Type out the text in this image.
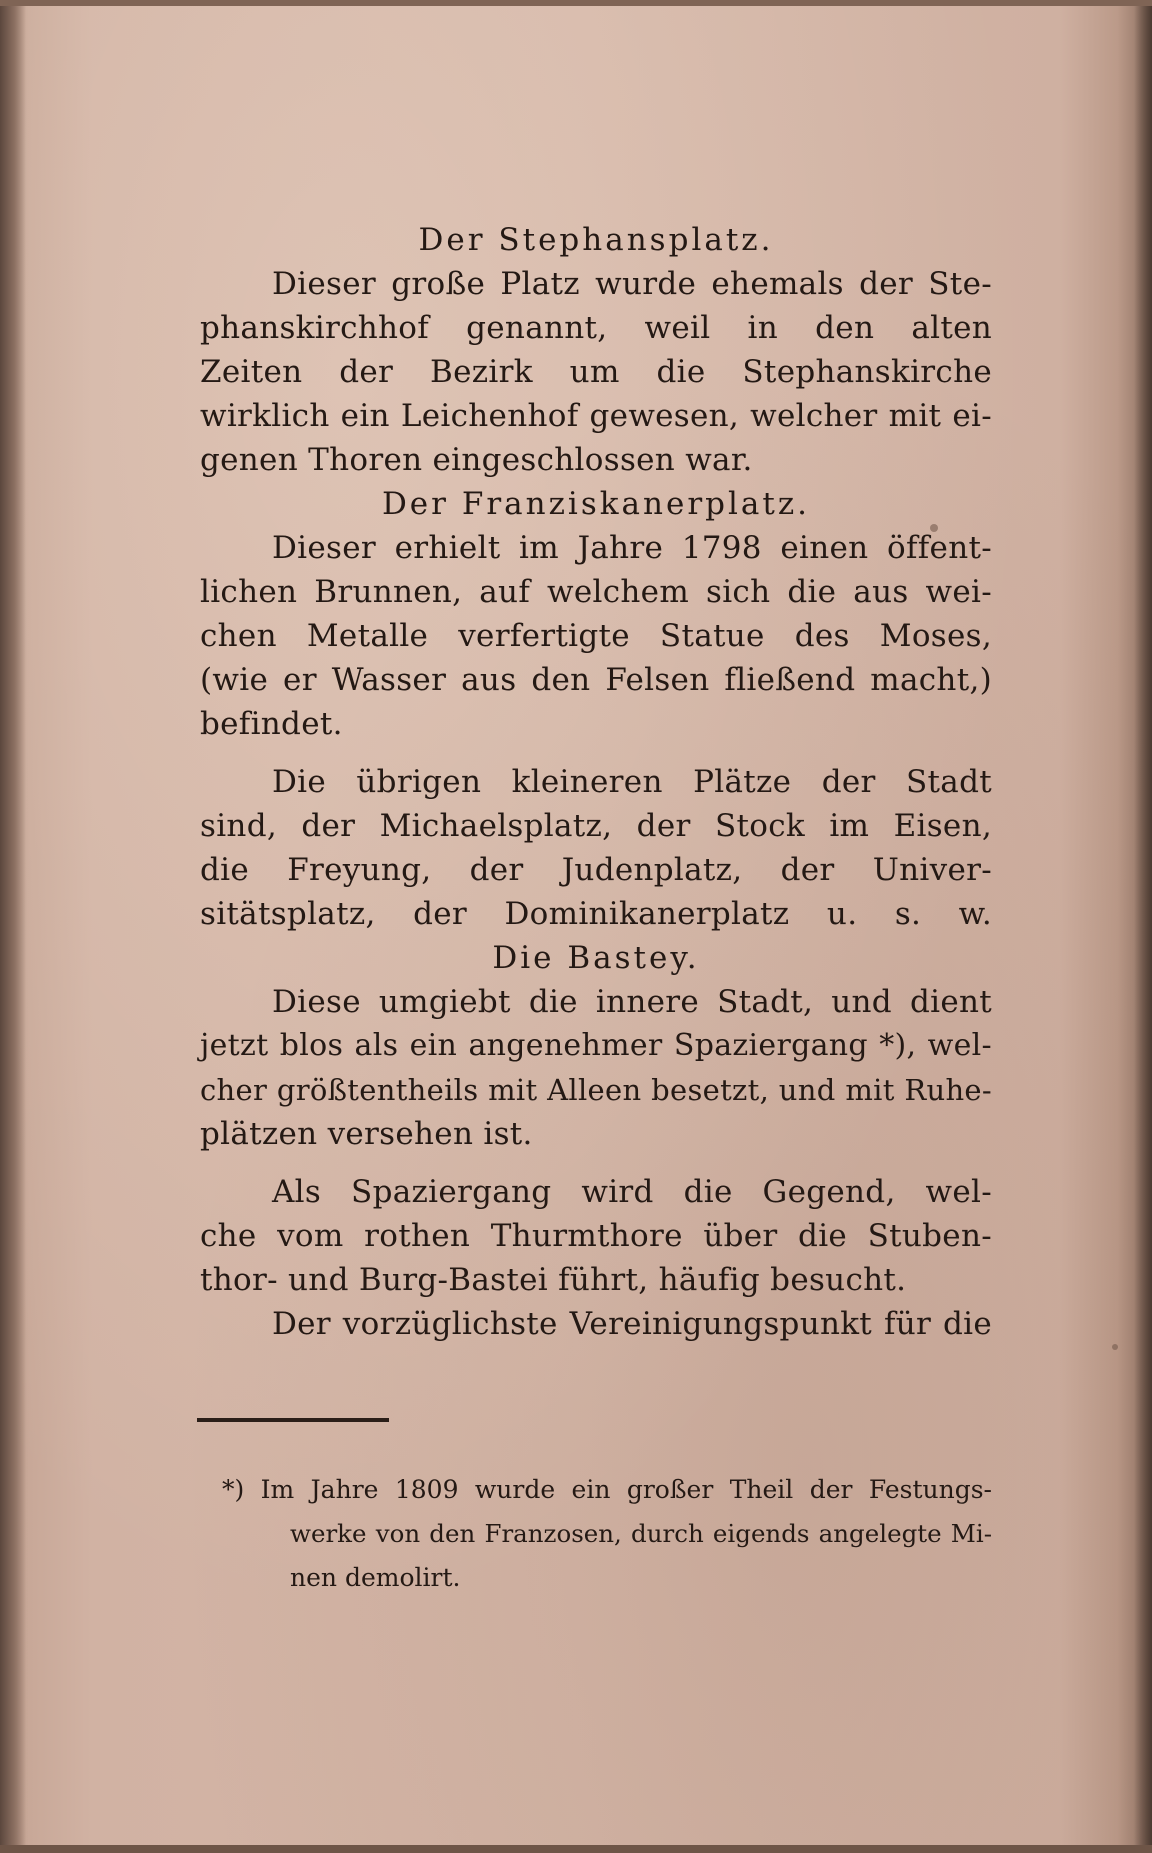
Der Stephansplatz.
Dieser große Platz wurde ehemals der Ste-
phanskirchhof genannt, weil in den alten
Zeiten der Bezirk um die Stephanskirche
wirklich ein Leichenhof gewesen, welcher mit ei-
genen Thoren eingeschlossen war.
Der Franziskanerplatz.
Dieser erhielt im Jahre 1798 einen öffent-
lichen Brunnen, auf welchem sich die aus wei-
chen Metalle verfertigte Statue des Moses,
(wie er Wasser aus den Felsen fließend macht,)
befindet.
Die übrigen kleineren Plätze der Stadt
sind, der Michaelsplatz, der Stock im Eisen,
die Freyung, der Judenplatz, der Univer-
sitätsplatz, der Dominikanerplatz u. s. w.
Die Bastey.
Diese umgiebt die innere Stadt, und dient
jetzt blos als ein angenehmer Spaziergang *), wel-
cher größtentheils mit Alleen besetzt, und mit Ruhe-
plätzen versehen ist.
Als Spaziergang wird die Gegend, wel-
che vom rothen Thurmthore über die Stuben-
thor- und Burg-Bastei führt, häufig besucht.
Der vorzüglichste Vereinigungspunkt für die
*) Im Jahre 1809 wurde ein großer Theil der Festungs-
werke von den Franzosen, durch eigends angelegte Mi-
nen demolirt.
